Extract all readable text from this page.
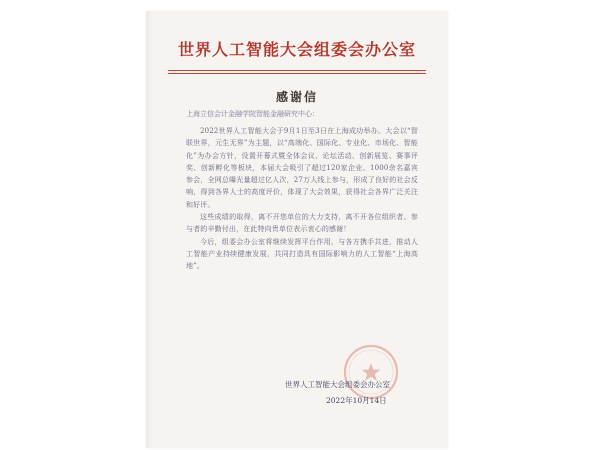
世界人工智能大会组委会办公室
感谢信
上海立信会计金融学院智能金融研究中心：

2022世界人工智能大会于9月1日至3日在上海成功举办。大会以“智联世界，元生无界”为主题，以“高端化、国际化、专业化、市场化、智能化”为办会方针，设置开幕式暨全体会议、论坛活动、创新展览、赛事评奖、创新孵化等板块，本届大会吸引了超过120家企业、1000余名嘉宾参会，全网总曝光量超过亿人次，27万人线上参与，形成了良好的社会反响，得到各界人士的高度评价，体现了大会效果，获得社会各界广泛关注和好评。

这些成绩的取得，离不开您单位的大力支持，离不开各位组织者、参与者的辛勤付出，在此特向贵单位表示衷心的感谢！

今后，组委会办公室将继续发挥平台作用，与各方携手共进，推动人工智能产业持续健康发展，共同打造具有国际影响力的人工智能“上海高地”。

世界人工智能大会组委会办公室
2022年10月14日
